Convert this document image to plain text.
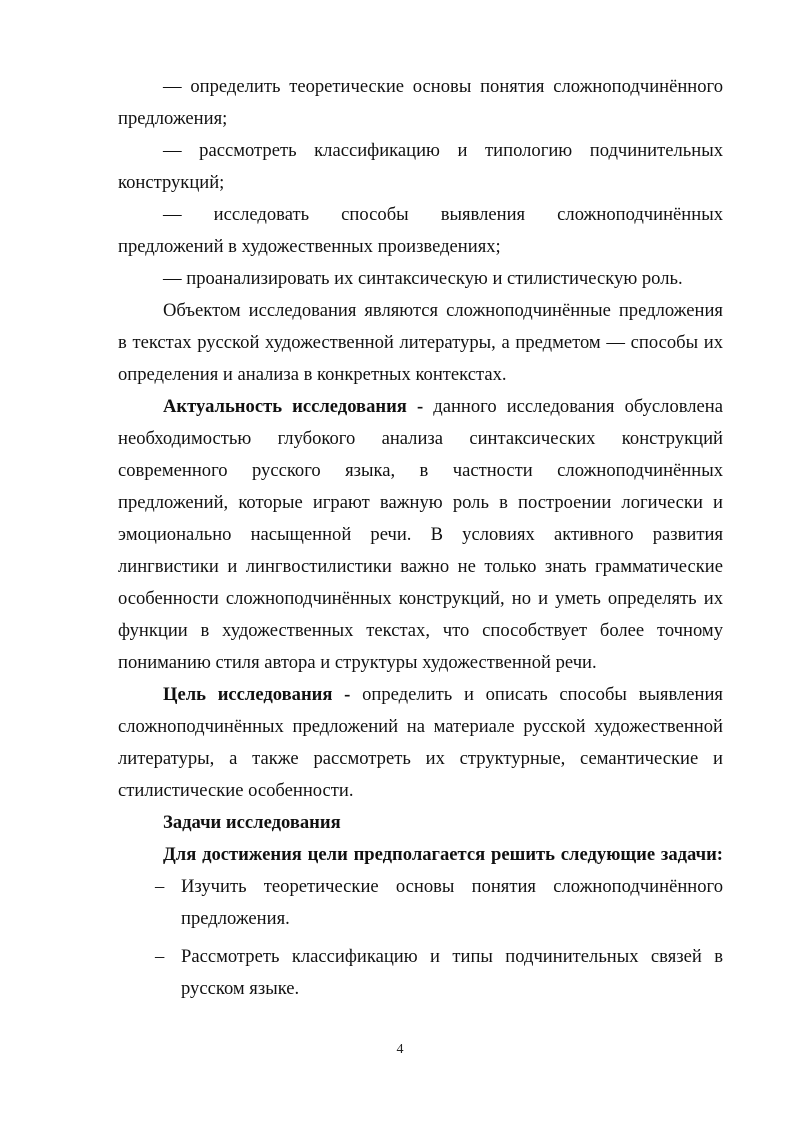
— определить теоретические основы понятия сложноподчинённого предложения;

— рассмотреть классификацию и типологию подчинительных конструкций;

— исследовать способы выявления сложноподчинённых предложений в художественных произведениях;

— проанализировать их синтаксическую и стилистическую роль.

Объектом исследования являются сложноподчинённые предложения в текстах русской художественной литературы, а предметом — способы их определения и анализа в конкретных контекстах.

Актуальность исследования - данного исследования обусловлена необходимостью глубокого анализа синтаксических конструкций современного русского языка, в частности сложноподчинённых предложений, которые играют важную роль в построении логически и эмоционально насыщенной речи. В условиях активного развития лингвистики и лингвостилистики важно не только знать грамматические особенности сложноподчинённых конструкций, но и уметь определять их функции в художественных текстах, что способствует более точному пониманию стиля автора и структуры художественной речи.

Цель исследования - определить и описать способы выявления сложноподчинённых предложений на материале русской художественной литературы, а также рассмотреть их структурные, семантические и стилистические особенности.

Задачи исследования
Для достижения цели предполагается решить следующие задачи:
– Изучить теоретические основы понятия сложноподчинённого предложения.
– Рассмотреть классификацию и типы подчинительных связей в русском языке.
4
